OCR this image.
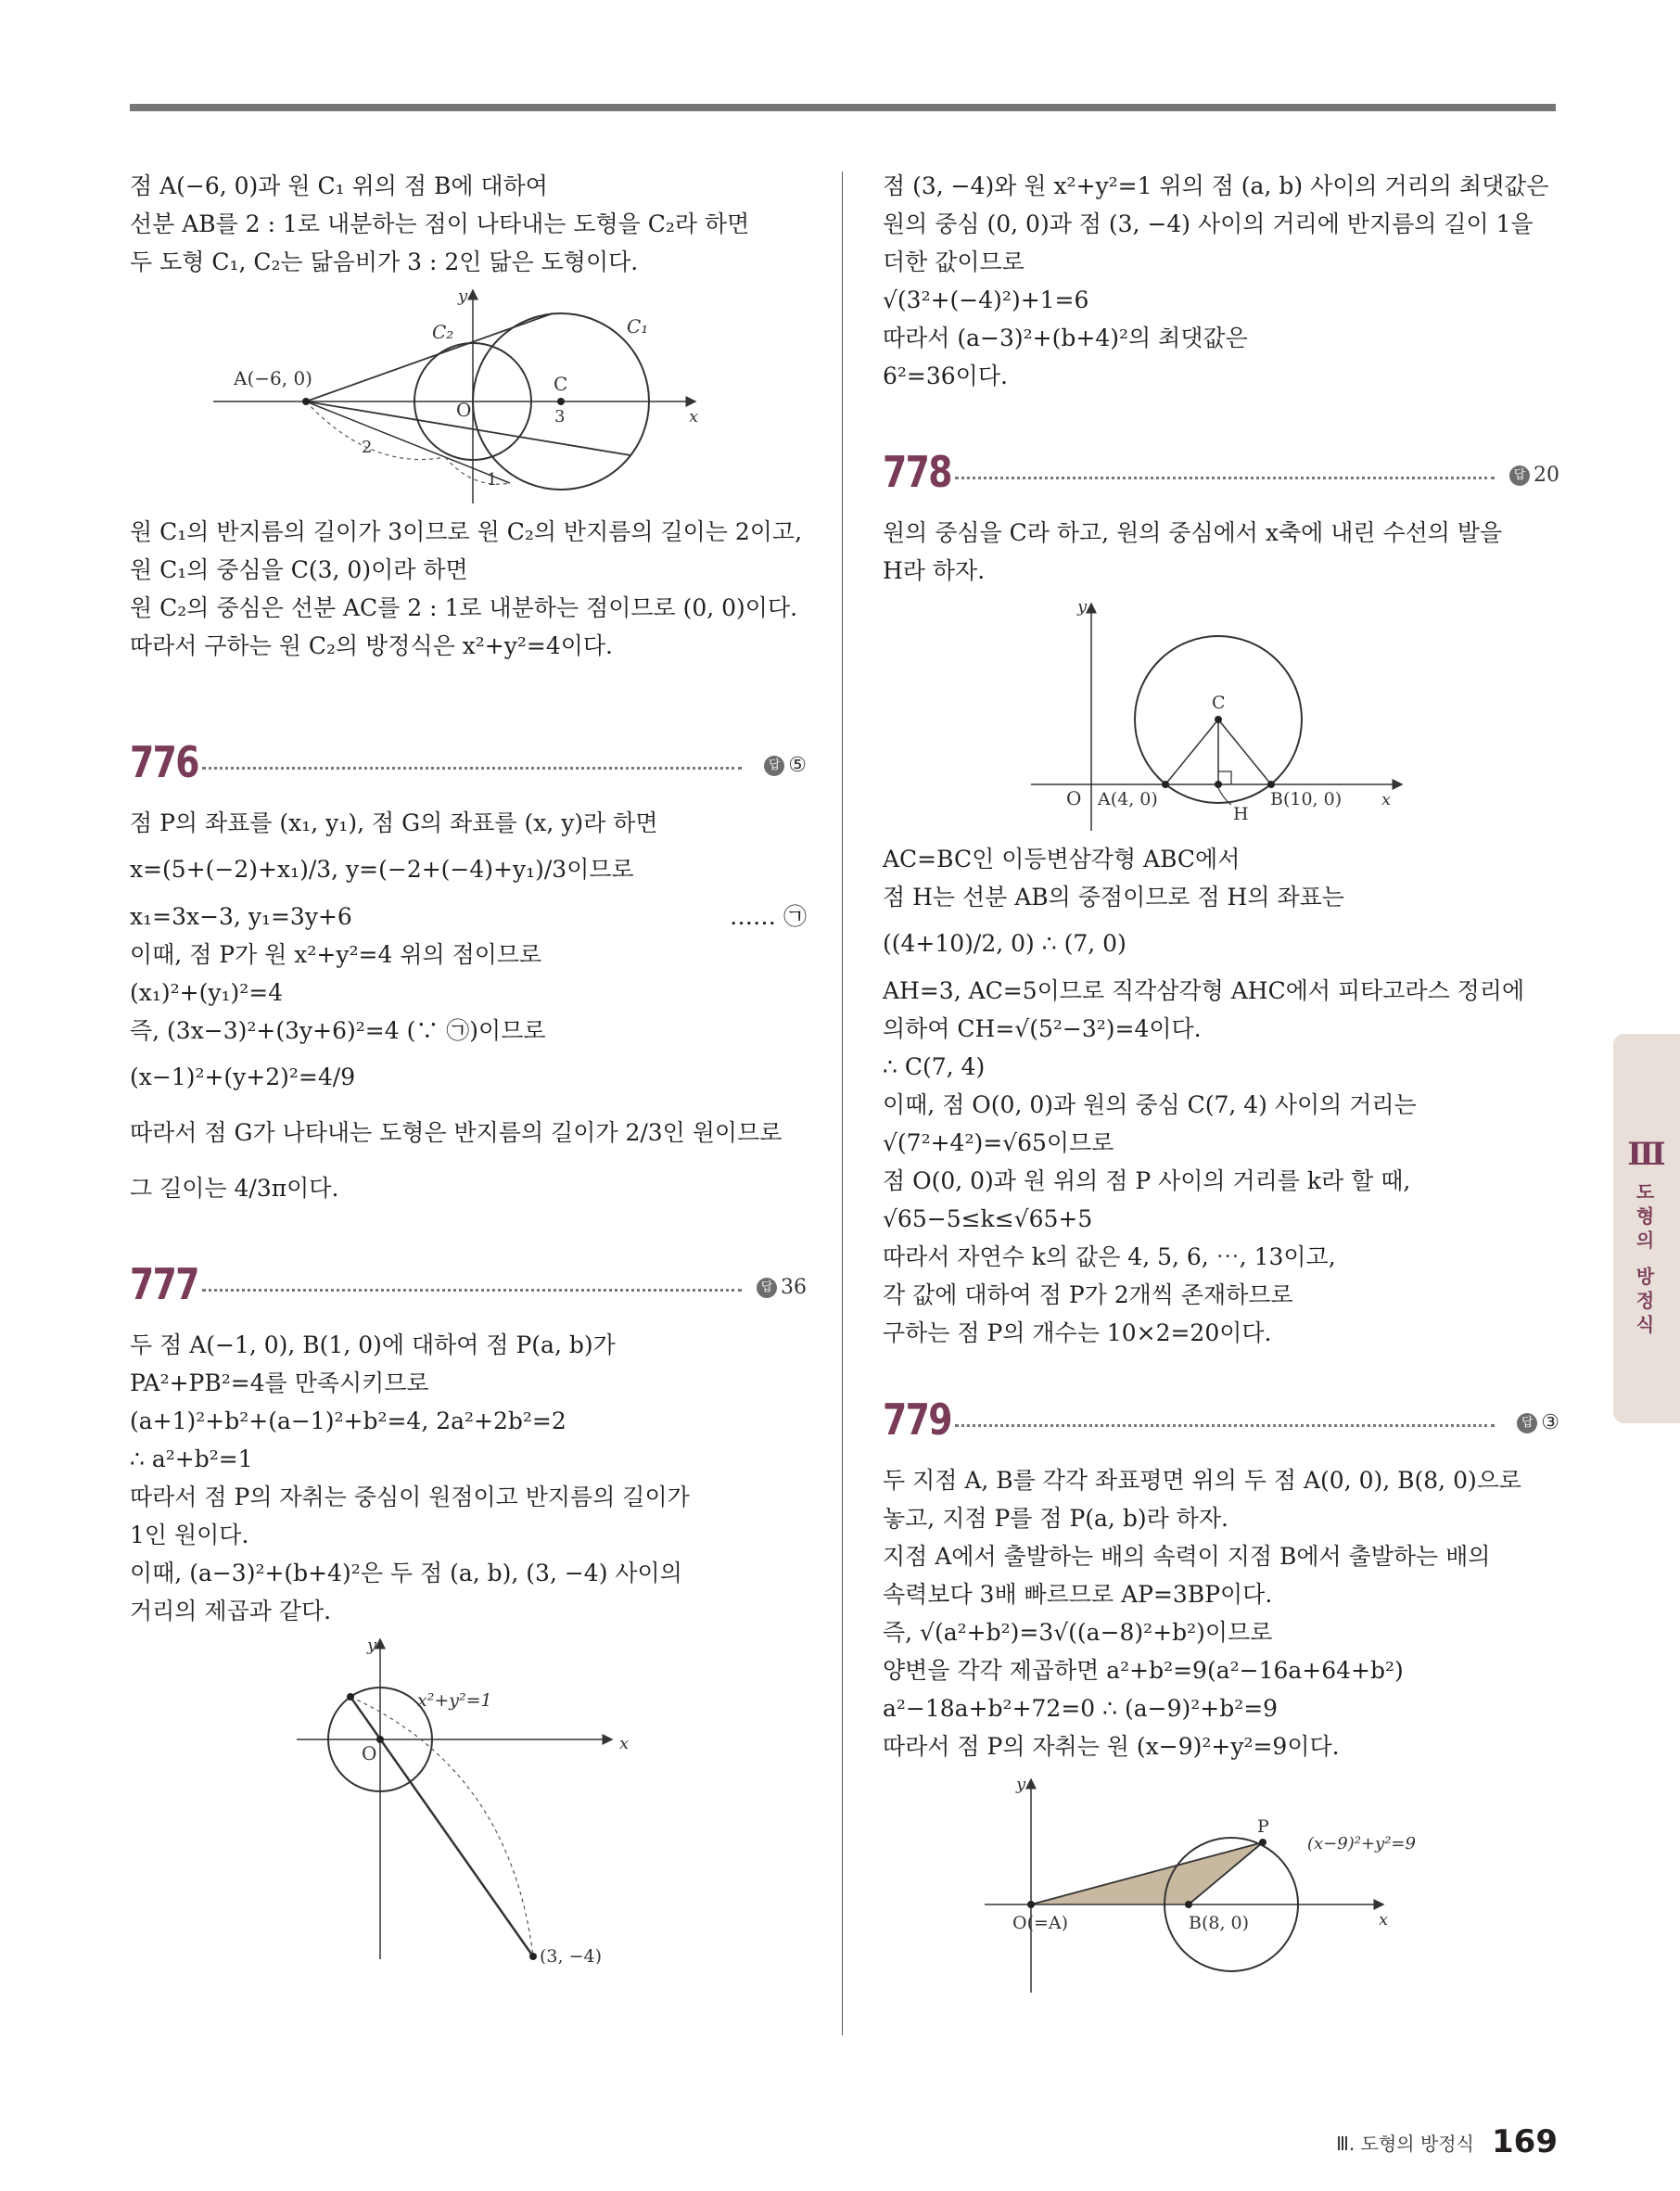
점 A(−6, 0)과 원 C₁ 위의 점 B에 대하여
선분 AB를 2 : 1로 내분하는 점이 나타내는 도형을 C₂라 하면
두 도형 C₁, C₂는 닮음비가 3 : 2인 닮은 도형이다.
A(−6, 0)
O
C
3
2
1
C₁
C₂
x
y
원 C₁의 반지름의 길이가 3이므로 원 C₂의 반지름의 길이는 2이고,
원 C₁의 중심을 C(3, 0)이라 하면
원 C₂의 중심은 선분 AC를 2 : 1로 내분하는 점이므로 (0, 0)이다.
따라서 구하는 원 C₂의 방정식은 x²+y²=4이다.
776	답 ⑤
점 P의 좌표를 (x₁, y₁), 점 G의 좌표를 (x, y)라 하면
x=(5+(−2)+x₁)/3, y=(−2+(−4)+y₁)/3이므로
x₁=3x−3, y₁=3y+6	…… ㉠
이때, 점 P가 원 x²+y²=4 위의 점이므로
(x₁)²+(y₁)²=4
즉, (3x−3)²+(3y+6)²=4 (∵ ㉠)이므로
(x−1)²+(y+2)²=4/9
따라서 점 G가 나타내는 도형은 반지름의 길이가 2/3인 원이므로
그 길이는 4/3π이다.
777	답 36
두 점 A(−1, 0), B(1, 0)에 대하여 점 P(a, b)가
PA²+PB²=4를 만족시키므로
(a+1)²+b²+(a−1)²+b²=4, 2a²+2b²=2
∴ a²+b²=1
따라서 점 P의 자취는 중심이 원점이고 반지름의 길이가
1인 원이다.
이때, (a−3)²+(b+4)²은 두 점 (a, b), (3, −4) 사이의
거리의 제곱과 같다.
x²+y²=1
O
(3, −4)
x
y
점 (3, −4)와 원 x²+y²=1 위의 점 (a, b) 사이의 거리의 최댓값은
원의 중심 (0, 0)과 점 (3, −4) 사이의 거리에 반지름의 길이 1을
더한 값이므로
√(3²+(−4)²)+1=6
따라서 (a−3)²+(b+4)²의 최댓값은
6²=36이다.
778	답 20
원의 중심을 C라 하고, 원의 중심에서 x축에 내린 수선의 발을
H라 하자.
O A(4, 0)	B(10, 0)
C
H
x
y
AC=BC인 이등변삼각형 ABC에서
점 H는 선분 AB의 중점이므로 점 H의 좌표는
((4+10)/2, 0) ∴ (7, 0)
AH=3, AC=5이므로 직각삼각형 AHC에서 피타고라스 정리에
의하여 CH=√(5²−3²)=4이다.
∴ C(7, 4)
이때, 점 O(0, 0)과 원의 중심 C(7, 4) 사이의 거리는
√(7²+4²)=√65이므로
점 O(0, 0)과 원 위의 점 P 사이의 거리를 k라 할 때,
√65−5≤k≤√65+5
따라서 자연수 k의 값은 4, 5, 6, ⋯, 13이고,
각 값에 대하여 점 P가 2개씩 존재하므로
구하는 점 P의 개수는 10×2=20이다.
779	답 ③
두 지점 A, B를 각각 좌표평면 위의 두 점 A(0, 0), B(8, 0)으로
놓고, 지점 P를 점 P(a, b)라 하자.
지점 A에서 출발하는 배의 속력이 지점 B에서 출발하는 배의
속력보다 3배 빠르므로 AP=3BP이다.
즉, √(a²+b²)=3√((a−8)²+b²)이므로
양변을 각각 제곱하면 a²+b²=9(a²−16a+64+b²)
a²−18a+b²+72=0 ∴ (a−9)²+b²=9
따라서 점 P의 자취는 원 (x−9)²+y²=9이다.
O(=A)	B(8, 0)
P
(x−9)²+y²=9
x
y
Ⅲ
도형의 방정식
Ⅲ. 도형의 방정식 169
